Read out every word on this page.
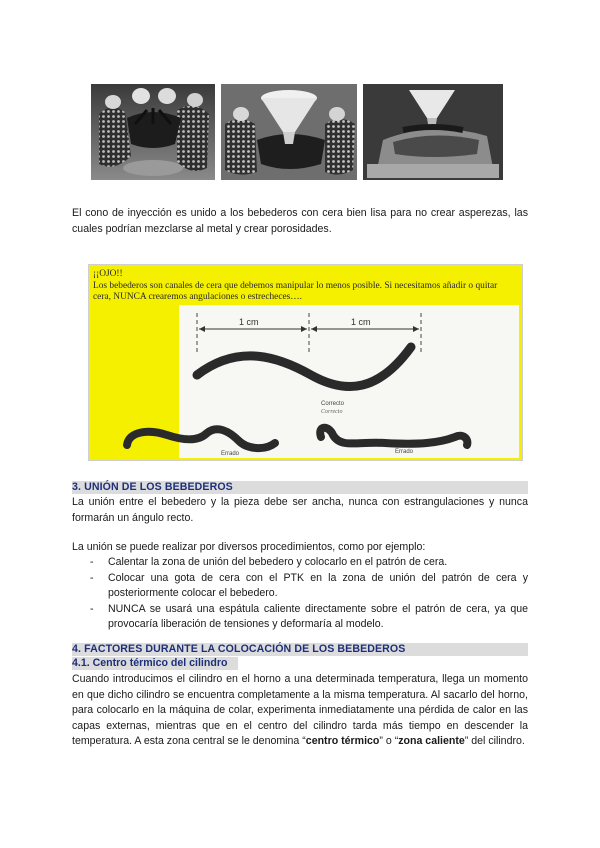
El cono de inyección es unido a los bebederos con cera bien lisa para no crear asperezas, las cuales podrían mezclarse al metal y crear porosidades.

¡¡OJO!!
Los bebederos son canales de cera que debemos manipular lo menos posible. Si necesitamos añadir o quitar cera, NUNCA crearemos angulaciones o estrecheces….
1 cm	1 cm
Correcto
Correcto
Errado	Errado
3. UNIÓN DE LOS BEBEDEROS

La unión entre el bebedero y la pieza debe ser ancha, nunca con estrangulaciones y nunca formarán un ángulo recto.

La unión se puede realizar por diversos procedimientos, como por ejemplo:

- Calentar la zona de unión del bebedero y colocarlo en el patrón de cera.
- Colocar una gota de cera con el PTK en la zona de unión del patrón de cera y posteriormente colocar el bebedero.
- NUNCA se usará una espátula caliente directamente sobre el patrón de cera, ya que provocaría liberación de tensiones y deformaría al modelo.
4. FACTORES DURANTE LA COLOCACIÓN DE LOS BEBEDEROS
4.1. Centro térmico del cilindro

Cuando introducimos el cilindro en el horno a una determinada temperatura, llega un momento en que dicho cilindro se encuentra completamente a la misma temperatura. Al sacarlo del horno, para colocarlo en la máquina de colar, experimenta inmediatamente una pérdida de calor en las capas externas, mientras que en el centro del cilindro tarda más tiempo en descender la temperatura. A esta zona central se le denomina “centro térmico” o “zona caliente” del cilindro.
